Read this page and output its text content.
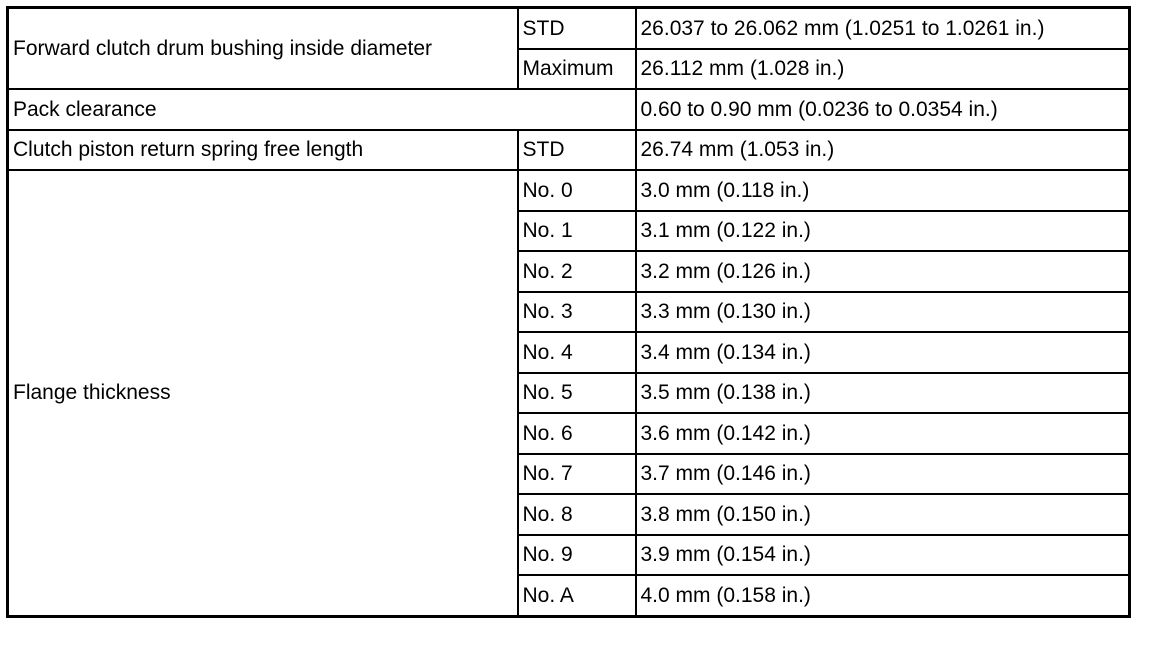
Forward clutch drum bushing inside diameter	STD	26.037 to 26.062 mm (1.0251 to 1.0261 in.)
	Maximum	26.112 mm (1.028 in.)
Pack clearance		0.60 to 0.90 mm (0.0236 to 0.0354 in.)
Clutch piston return spring free length	STD	26.74 mm (1.053 in.)
Flange thickness	No. 0	3.0 mm (0.118 in.)
	No. 1	3.1 mm (0.122 in.)
	No. 2	3.2 mm (0.126 in.)
	No. 3	3.3 mm (0.130 in.)
	No. 4	3.4 mm (0.134 in.)
	No. 5	3.5 mm (0.138 in.)
	No. 6	3.6 mm (0.142 in.)
	No. 7	3.7 mm (0.146 in.)
	No. 8	3.8 mm (0.150 in.)
	No. 9	3.9 mm (0.154 in.)
	No. A	4.0 mm (0.158 in.)
